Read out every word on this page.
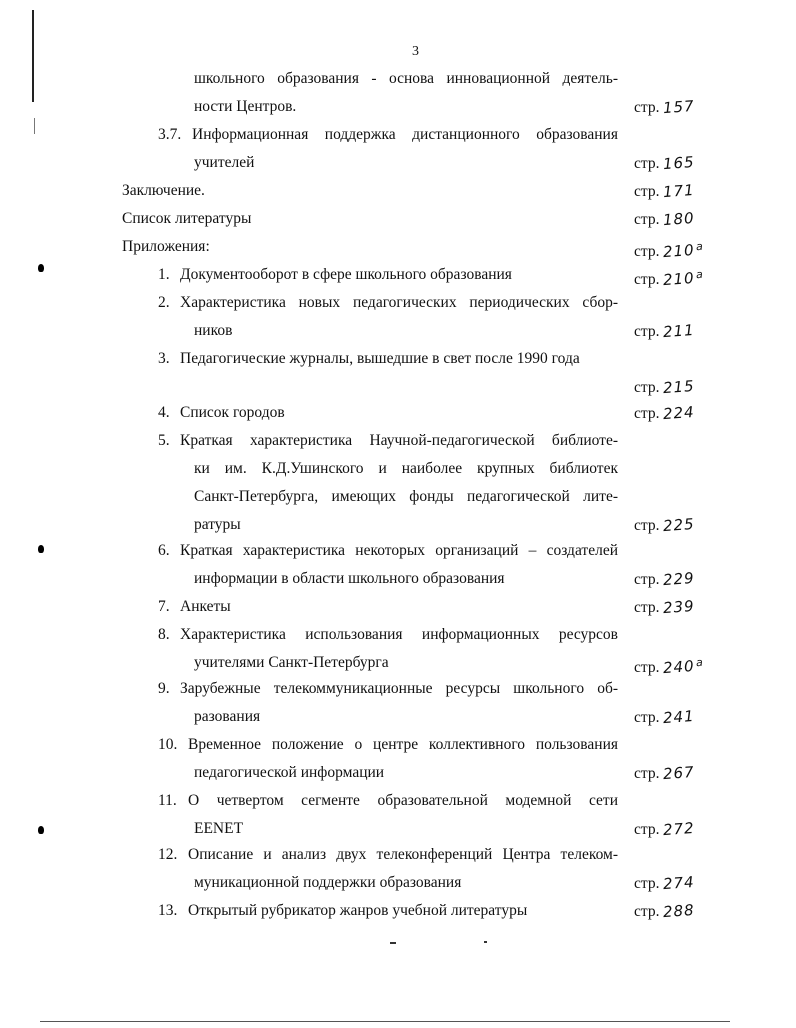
3
школьного образования - основа инновационной деятель-
ности Центров.	стр. 157
3.7. Информационная поддержка дистанционного образования
учителей	стр. 165
Заключение.	стр. 171
Список литературы	стр. 180
Приложения:	стр. 210а
1. Документооборот в сфере школьного образования	стр. 210а
2. Характеристика новых педагогических периодических сбор-
ников	стр. 211
3. Педагогические журналы, вышедшие в свет после 1990 года
стр. 215
4. Список городов	стр. 224
5. Краткая характеристика Научной-педагогической библиоте-
ки им. К.Д.Ушинского и наиболее крупных библиотек
Санкт-Петербурга, имеющих фонды педагогической лите-
ратуры	стр. 225
6. Краткая характеристика некоторых организаций – создателей
информации в области школьного образования	стр. 229
7. Анкеты	стр. 239
8. Характеристика использования информационных ресурсов
учителями Санкт-Петербурга	стр. 240а
9. Зарубежные телекоммуникационные ресурсы школьного об-
разования	стр. 241
10. Временное положение о центре коллективного пользования
педагогической информации	стр. 267
11. О четвертом сегменте образовательной модемной сети
EENET	стр. 272
12. Описание и анализ двух телеконференций Центра телеком-
муникационной поддержки образования	стр. 274
13. Открытый рубрикатор жанров учебной литературы	стр. 288
